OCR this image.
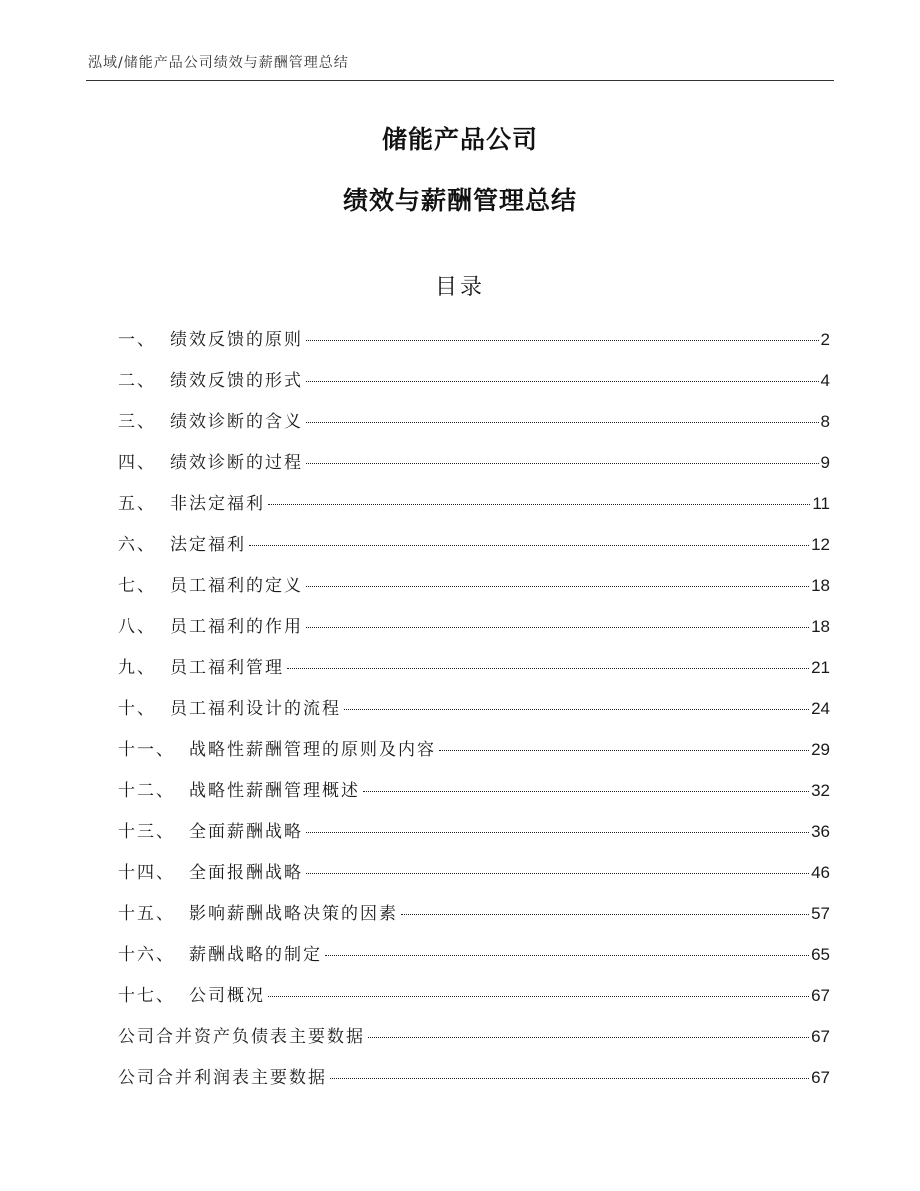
泓域/储能产品公司绩效与薪酬管理总结
储能产品公司
绩效与薪酬管理总结
目录
一、 绩效反馈的原则	2
二、 绩效反馈的形式	4
三、 绩效诊断的含义	8
四、 绩效诊断的过程	9
五、 非法定福利	11
六、 法定福利	12
七、 员工福利的定义	18
八、 员工福利的作用	18
九、 员工福利管理	21
十、 员工福利设计的流程	24
十一、 战略性薪酬管理的原则及内容	29
十二、 战略性薪酬管理概述	32
十三、 全面薪酬战略	36
十四、 全面报酬战略	46
十五、 影响薪酬战略决策的因素	57
十六、 薪酬战略的制定	65
十七、 公司概况	67
公司合并资产负债表主要数据	67
公司合并利润表主要数据	67
